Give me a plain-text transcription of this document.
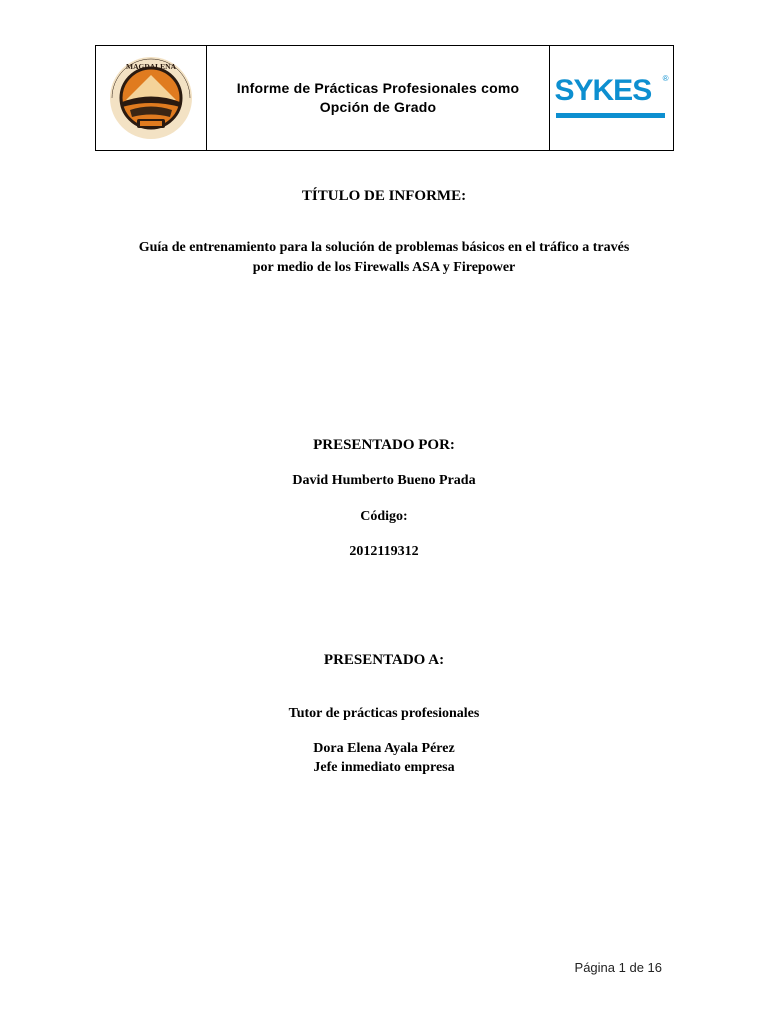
MAGDALENA
Informe de Prácticas Profesionales como
Opción de Grado	SYKES	®
TÍTULO DE INFORME:
Guía de entrenamiento para la solución de problemas básicos en el tráfico a través
por medio de los Firewalls ASA y Firepower
PRESENTADO POR:
David Humberto Bueno Prada
Código:
2012119312
PRESENTADO A:
Tutor de prácticas profesionales
Dora Elena Ayala Pérez
Jefe inmediato empresa
Página 1 de 16
